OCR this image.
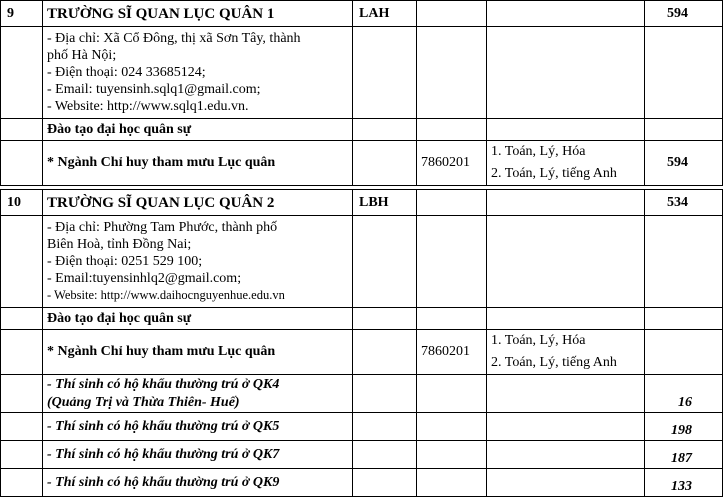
9	TRƯỜNG SĨ QUAN LỤC QUÂN 1	LAH			594

	- Địa chỉ: Xã Cổ Đông, thị xã Sơn Tây, thành
phố Hà Nội;
- Điện thoại: 024 33685124;
- Email: tuyensinh.sqlq1@gmail.com;
- Website: http://www.sqlq1.edu.vn.				

	Đào tạo đại học quân sự				
	* Ngành Chỉ huy tham mưu Lục quân		7860201	1. Toán, Lý, Hóa
2. Toán, Lý, tiếng Anh	594

10	TRƯỜNG SĨ QUAN LỤC QUÂN 2	LBH			534

	- Địa chỉ: Phường Tam Phước, thành phố
Biên Hoà, tỉnh Đồng Nai;
- Điện thoại: 0251 529 100;
- Email:tuyensinhlq2@gmail.com;
- Website: http://www.daihocnguyenhue.edu.vn				

	Đào tạo đại học quân sự				
	* Ngành Chỉ huy tham mưu Lục quân		7860201	1. Toán, Lý, Hóa
2. Toán, Lý, tiếng Anh	

	- Thí sinh có hộ khẩu thường trú ở QK4
(Quảng Trị và Thừa Thiên- Huế)				16
	- Thí sinh có hộ khẩu thường trú ở QK5				198
	- Thí sinh có hộ khẩu thường trú ở QK7				187
	- Thí sinh có hộ khẩu thường trú ở QK9				133
